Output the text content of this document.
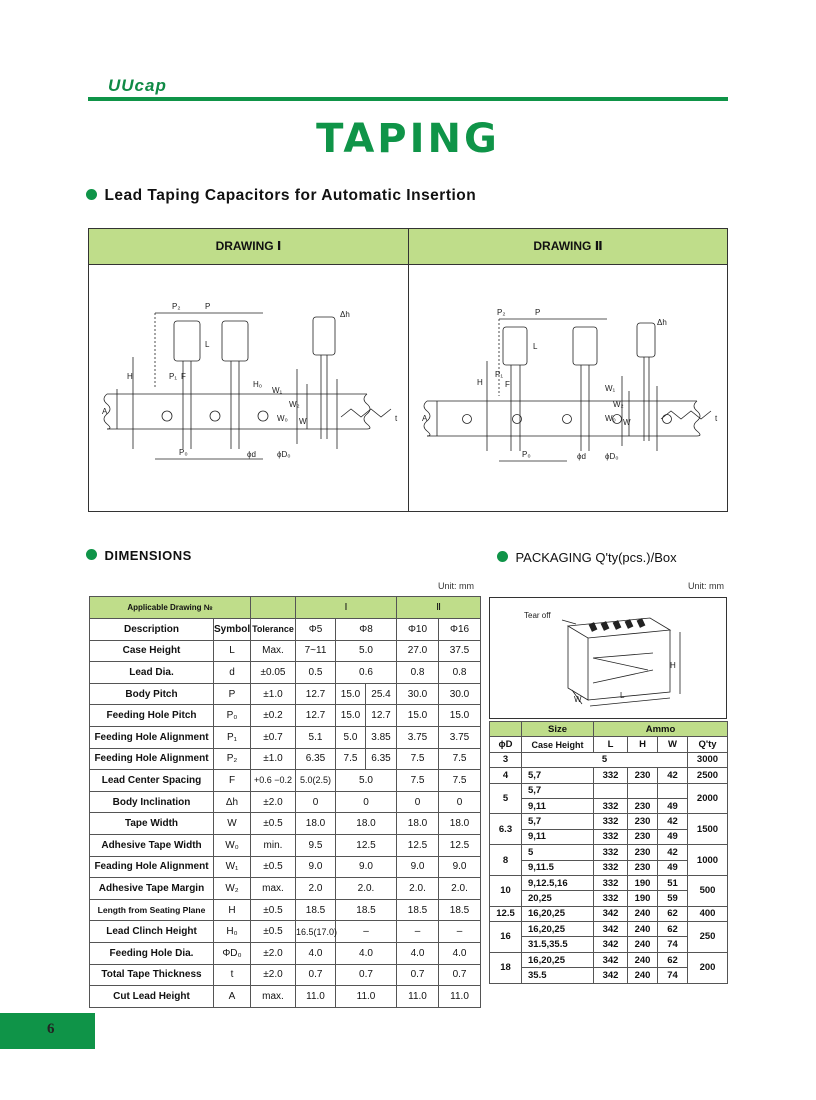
UUcap
TAPING
Lead Taping Capacitors for Automatic Insertion
DRAWING Ⅰ	DRAWING Ⅱ
P₂	P
Δh
L
H	P₁ F
H₀
W₁
W₂
W₀ W
A
t
P₀	ϕd	ϕD₀
P₂	P
Δh
L
H
P₁
F	W₁
W₂
W₀ W
A	t
P₀	ϕd ϕD₀
DIMENSIONS
Unit: mm
Applicable Drawing №			Ⅰ			Ⅱ	
Description	Symbol	Tolerance	Φ5	Φ8		Φ10	Φ16
Case Height	L	Max.	7~11	5.0		27.0	37.5
Lead Dia.	d	±0.05	0.5	0.6		0.8	0.8
Body Pitch	P	±1.0	12.7	15.0	25.4	30.0	30.0
Feeding Hole Pitch	P₀	±0.2	12.7	15.0	12.7	15.0	15.0
Feeding Hole Alignment	P₁	±0.7	5.1	5.0	3.85	3.75	3.75
Feeding Hole Alignment	P₂	±1.0	6.35	7.5	6.35	7.5	7.5
Lead Center Spacing	F	+0.6 −0.2	5.0(2.5)	5.0		7.5	7.5
Body Inclination	Δh	±2.0	0	0		0	0
Tape Width	W	±0.5	18.0	18.0		18.0	18.0
Adhesive Tape Width	W₀	min.	9.5	12.5		12.5	12.5
Feading Hole Alignment	W₁	±0.5	9.0	9.0		9.0	9.0
Adhesive Tape Margin	W₂	max.	2.0	2.0.		2.0.	2.0.
Length from Seating Plane	H	±0.5	18.5	18.5		18.5	18.5
Lead Clinch Height	H₀	±0.5	16.5(17.0)	–		–	–
Feeding Hole Dia.	ΦD₀	±2.0	4.0	4.0		4.0	4.0
Total Tape Thickness	t	±2.0	0.7	0.7		0.7	0.7
Cut Lead Height	A	max.	11.0	11.0		11.0	11.0
PACKAGING Q'ty(pcs.)/Box
Unit: mm
Tear off
H
L
W
	Size	Ammo			
ϕD	Case Height	L	H	W	Q'ty
3	5				3000
4	5,7	332	230	42	2500
5	5,7				2000
	9,11	332	230	49	
6.3	5,7	332	230	42	1500
	9,11	332	230	49	
8	5	332	230	42	1000
	9,11.5	332	230	49	
10	9,12.5,16	332	190	51	500
	20,25	332	190	59	
12.5	16,20,25	342	240	62	400
16	16,20,25	342	240	62	250
	31.5,35.5	342	240	74	
18	16,20,25	342	240	62	200
	35.5	342	240	74	
6
